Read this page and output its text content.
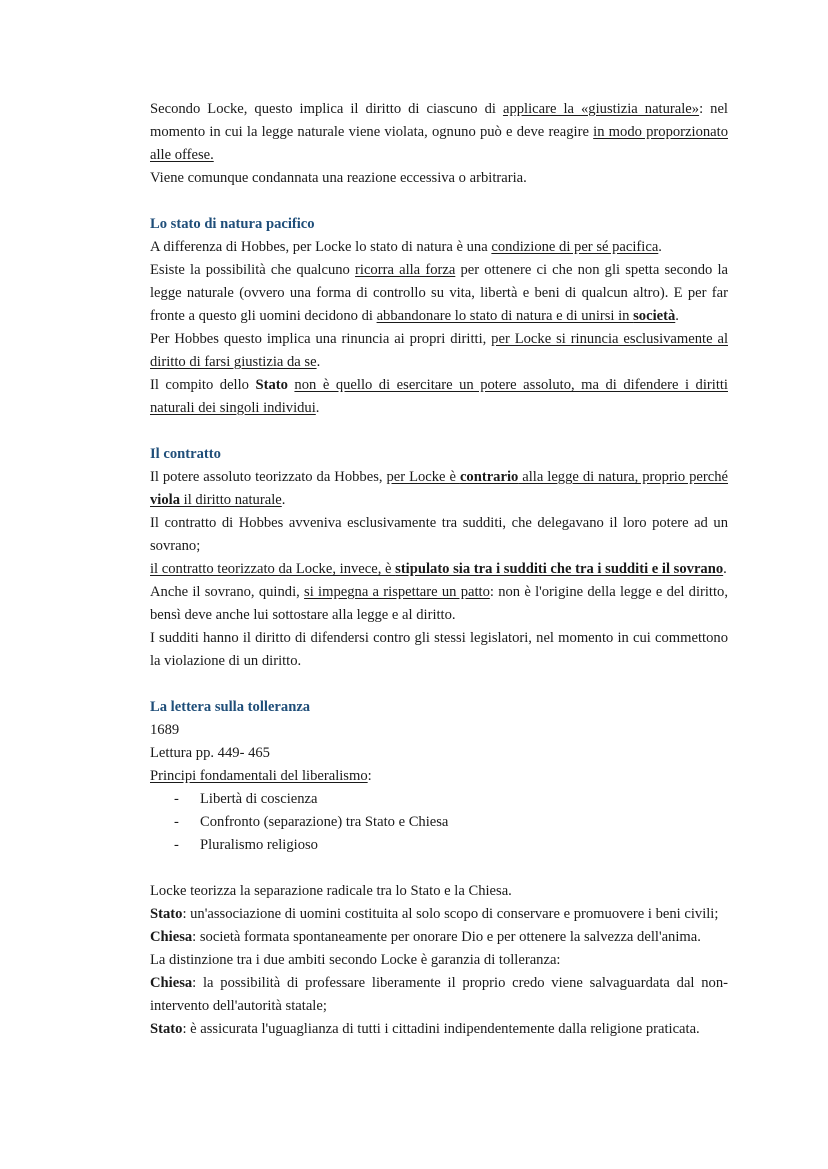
Secondo Locke, questo implica il diritto di ciascuno di applicare la «giustizia naturale»: nel momento in cui la legge naturale viene violata, ognuno può e deve reagire in modo proporzionato alle offese.

Viene comunque condannata una reazione eccessiva o arbitraria.

Lo stato di natura pacifico

A differenza di Hobbes, per Locke lo stato di natura è una condizione di per sé pacifica.

Esiste la possibilità che qualcuno ricorra alla forza per ottenere ci che non gli spetta secondo la legge naturale (ovvero una forma di controllo su vita, libertà e beni di qualcun altro). E per far fronte a questo gli uomini decidono di abbandonare lo stato di natura e di unirsi in società.

Per Hobbes questo implica una rinuncia ai propri diritti, per Locke si rinuncia esclusivamente al diritto di farsi giustizia da se.

Il compito dello Stato non è quello di esercitare un potere assoluto, ma di difendere i diritti naturali dei singoli individui.

Il contratto

Il potere assoluto teorizzato da Hobbes, per Locke è contrario alla legge di natura, proprio perché viola il diritto naturale.

Il contratto di Hobbes avveniva esclusivamente tra sudditi, che delegavano il loro potere ad un sovrano;

il contratto teorizzato da Locke, invece, è stipulato sia tra i sudditi che tra i sudditi e il sovrano.

Anche il sovrano, quindi, si impegna a rispettare un patto: non è l'origine della legge e del diritto, bensì deve anche lui sottostare alla legge e al diritto.

I sudditi hanno il diritto di difendersi contro gli stessi legislatori, nel momento in cui commettono la violazione di un diritto.

La lettera sulla tolleranza

1689

Lettura pp. 449- 465

Principi fondamentali del liberalismo:

- Libertà di coscienza
- Confronto (separazione) tra Stato e Chiesa
- Pluralismo religioso

Locke teorizza la separazione radicale tra lo Stato e la Chiesa.

Stato: un'associazione di uomini costituita al solo scopo di conservare e promuovere i beni civili;

Chiesa: società formata spontaneamente per onorare Dio e per ottenere la salvezza dell'anima.

La distinzione tra i due ambiti secondo Locke è garanzia di tolleranza:

Chiesa: la possibilità di professare liberamente il proprio credo viene salvaguardata dal non-intervento dell'autorità statale;

Stato: è assicurata l'uguaglianza di tutti i cittadini indipendentemente dalla religione praticata.
